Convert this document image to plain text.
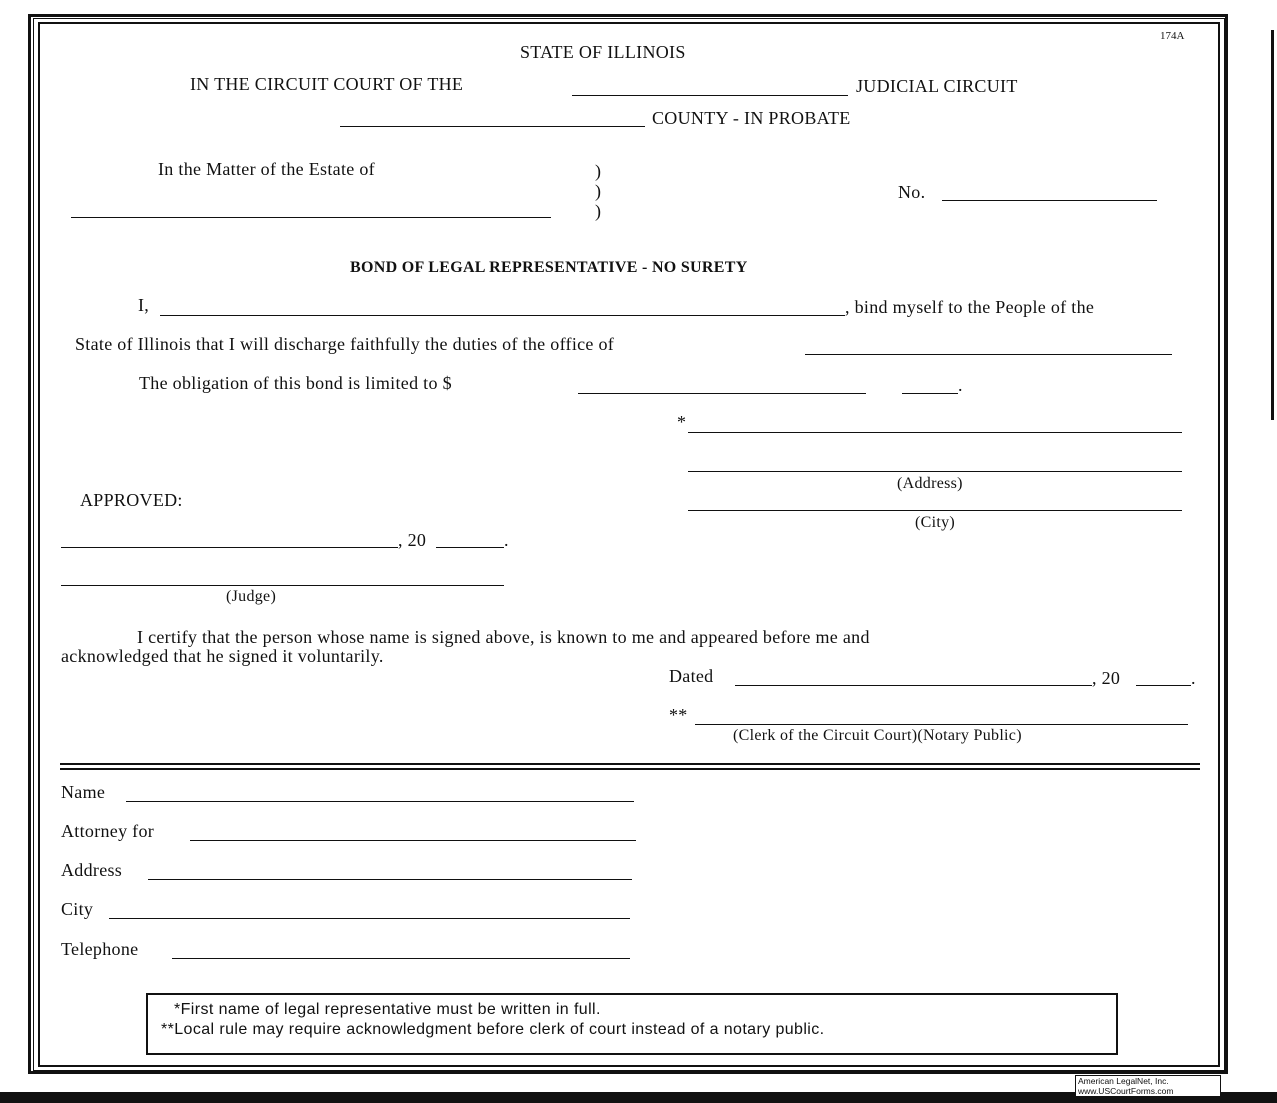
174A
STATE OF ILLINOIS
IN THE CIRCUIT COURT OF THE	JUDICIAL CIRCUIT
COUNTY - IN PROBATE
In the Matter of the Estate of	)
)
)
No.
BOND OF LEGAL REPRESENTATIVE - NO SURETY
I,	, bind myself to the People of the
State of Illinois that I will discharge faithfully the duties of the office of
The obligation of this bond is limited to $	.
*
(Address)
(City)
APPROVED:
, 20	.
(Judge)
I certify that the person whose name is signed above, is known to me and appeared before me and
acknowledged that he signed it voluntarily.
Dated	, 20	.
**
(Clerk of the Circuit Court)(Notary Public)
Name
Attorney for
Address
City
Telephone
*First name of legal representative must be written in full.
**Local rule may require acknowledgment before clerk of court instead of a notary public.
American LegalNet, Inc.
www.USCourtForms.com
